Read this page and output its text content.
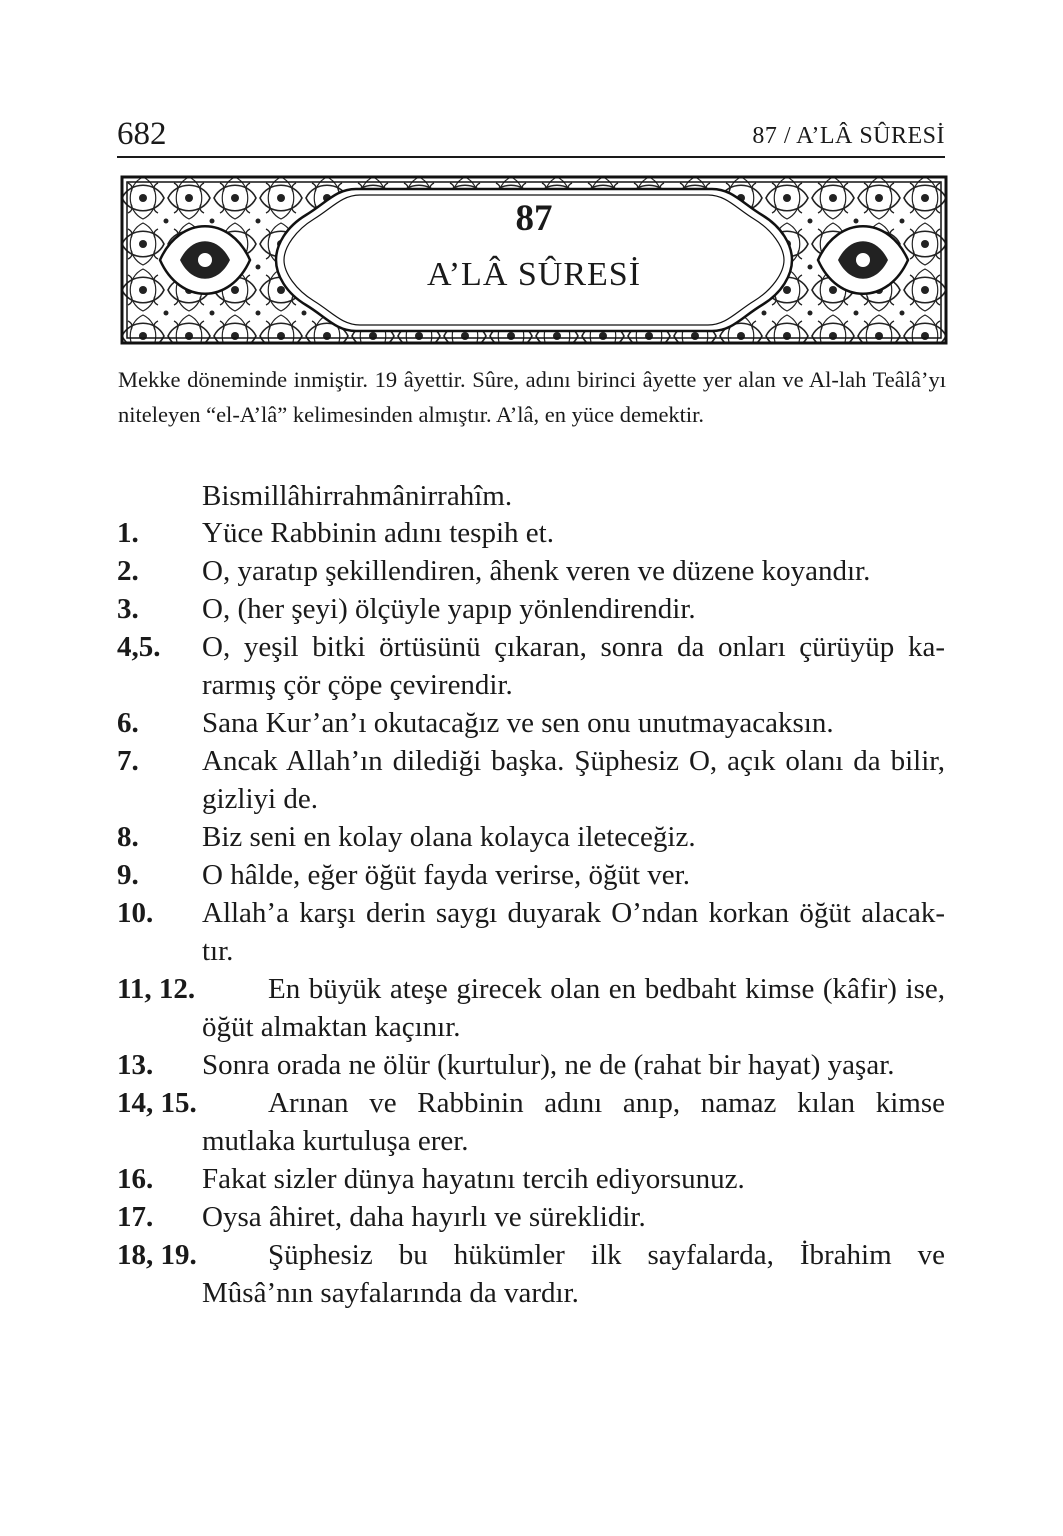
682	87 / A’LÂ SÛRESİ
87
A’LÂ SÛRESİ

Mekke döneminde inmiştir. 19 âyettir. Sûre, adını birinci âyette yer alan ve Al-lah Teâlâ’yı niteleyen “el-A’lâ” kelimesinden almıştır. A’lâ, en yüce demektir.

Bismillâhirrahmânirrahîm.
1. Yüce Rabbinin adını tespih et.

2. O, yaratıp şekillendiren, âhenk veren ve düzene koyandır.

3. O, (her şeyi) ölçüyle yapıp yönlendirendir.

4,5. O, yeşil bitki örtüsünü çıkaran, sonra da onları çürüyüp ka-rarmış çör çöpe çevirendir.

6. Sana Kur’an’ı okutacağız ve sen onu unutmayacaksın.

7. Ancak Allah’ın dilediği başka. Şüphesiz O, açık olanı da bilir, gizliyi de.

8. Biz seni en kolay olana kolayca ileteceğiz.

9. O hâlde, eğer öğüt fayda verirse, öğüt ver.

10. Allah’a karşı derin saygı duyarak O’ndan korkan öğüt alacak-tır.

11, 12.	En büyük ateşe girecek olan en bedbaht kimse (kâfir) ise, öğüt almaktan kaçınır.

13. Sonra orada ne ölür (kurtulur), ne de (rahat bir hayat) yaşar.

14, 15.	Arınan ve Rabbinin adını anıp, namaz kılan kimse mutlaka kurtuluşa erer.

16. Fakat sizler dünya hayatını tercih ediyorsunuz.

17. Oysa âhiret, daha hayırlı ve süreklidir.

18, 19.	Şüphesiz bu hükümler ilk sayfalarda, İbrahim ve Mûsâ’nın sayfalarında da vardır.
